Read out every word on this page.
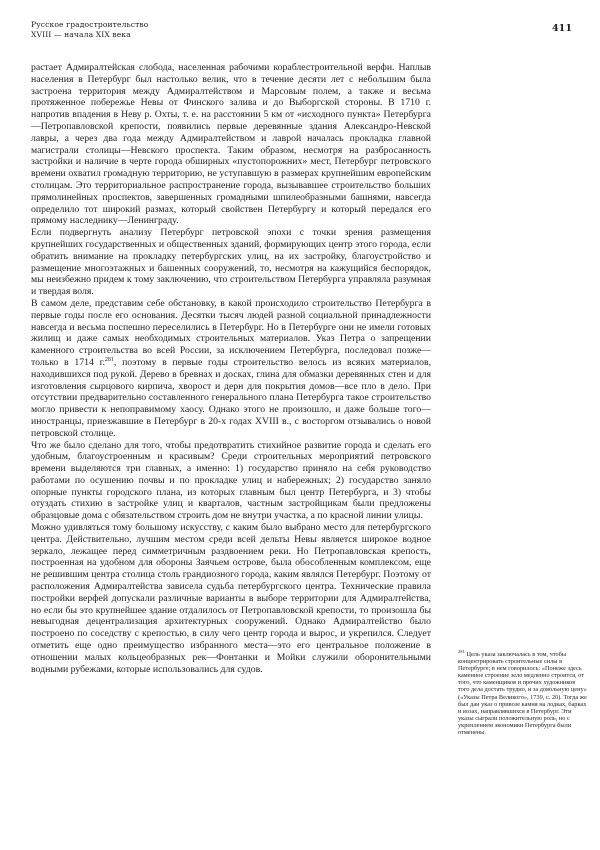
Русское градостроительство
XVIII — начала XIX века
411

растает Адмиралтейская слобода, населенная рабочими кораблестроительной верфи. Наплыв населения в Петербург был настолько велик, что в течение десяти лет с небольшим была застроена территория между Адмиралтейством и Марсовым полем, а также и весьма протяженное побережье Невы от Финского залива и до Выборгской стороны. В 1710 г. напротив впадения в Неву р. Охты, т. е. на расстоянии 5 км от «исходного пункта» Петербурга—Петропавловской крепости, появились первые деревянные здания Александро-Невской лавры, а через два года между Адмиралтейством и лаврой началась прокладка главной магистрали столицы—Невского проспекта. Таким образом, несмотря на разбросанность застройки и наличие в черте города обширных «пустопорожних» мест, Петербург петровского времени охватил громадную территорию, не уступавшую в размерах крупнейшим европейским столицам. Это территориальное распространение города, вызывавшее строительство больших прямолинейных проспектов, завершенных громадными шпилеобразными башнями, навсегда определило тот широкий размах, который свойствен Петербургу и который передался его прямому наследнику—Ленинграду.

Если подвергнуть анализу Петербург петровской эпохи с точки зрения размещения крупнейших государственных и общественных зданий, формирующих центр этого города, если обратить внимание на прокладку петербургских улиц, на их застройку, благоустройство и размещение многоэтажных и башенных сооружений, то, несмотря на кажущийся беспорядок, мы неизбежно придем к тому заключению, что строительством Петербурга управляла разумная и твердая воля.

В самом деле, представим себе обстановку, в какой происходило строительство Петербурга в первые годы после его основания. Десятки тысяч людей разной социальной принадлежности навсегда и весьма поспешно переселились в Петербург. Но в Петербурге они не имели готовых жилищ и даже самых необходимых строительных материалов. Указ Петра о запрещении каменного строительства во всей России, за исключением Петербурга, последовал позже—только в 1714 г.$^{281}$, поэтому в первые годы строительство велось из всяких материалов, находившихся под рукой. Дерево в бревнах и досках, глина для обмазки деревянных стен и для изготовления сырцового кирпича, хворост и дерн для покрытия домов—все пло в дело. При отсутствии предварительно составленного генерального плана Петербурга такое строительство могло привести к непоправимому хаосу. Однако этого не произошло, и даже больше того—иностранцы, приезжавшие в Петербург в 20-х годах XVIII в., с восторгом отзывались о новой петровской столице.

Что же было сделано для того, чтобы предотвратить стихийное развитие города и сделать его удобным, благоустроенным и красивым? Среди строительных мероприятий петровского времени выделяются три главных, а именно: 1) государство приняло на себя руководство работами по осушению почвы и по прокладке улиц и набережных; 2) государство заняло опорные пункты городского плана, из которых главным был центр Петербурга, и 3) чтобы отуздать стихию в застройке улиц и кварталов, частным застройщикам были предложены образцовые дома с обязательством строить дом не внутри участка, а по красной линии улицы.

Можно удивляться тому большому искусству, с каким было выбрано место для петербургского центра. Действительно, лучшим местом среди всей дельты Невы является широкое водное зеркало, лежащее перед симметричным раздвоением реки. Но Петропавловская крепость, построенная на удобном для обороны Заячьем острове, была обособленным комплексом, еще не решившим центра столица столь грандиозного города, каким являлся Петербург. Поэтому от расположения Адмиралтейства зависела судьба петербургского центра. Технические правила постройки верфей допускали различные варианты в выборе территории для Адмиралтейства, но если бы это крупнейшее здание отдалилось от Петропавловской крепости, то произошла бы невыгодная децентрализация архитектурных сооружений. Однако Адмиралтейство было построено по соседству с крепостью, в силу чего центр города и вырос, и укрепился. Следует отметить еще одно преимущество избранного места—это его центральное положение в отношении малых кольцеобразных рек—Фонтанки и Мойки служили оборонительными водными рубежами, которые использовались для судов.

$^{281}$ Цель указа заключалась в том, чтобы концентрировать строительные силы в Петербурге; в нем говорилось: «Понеже здесь каменное строение зело медленно строится, от того, что каменщиков и прочих художников того дела достать трудно, и за довольную цену» («Указы Петра Великого», 1739, с. 20). Тогда же был дан указ о привозе камня на лодках, барках и возах, направлявшихся в Петербург. Эти указы сыграли положительную роль, но с укреплением экономики Петербурга были отменены.
